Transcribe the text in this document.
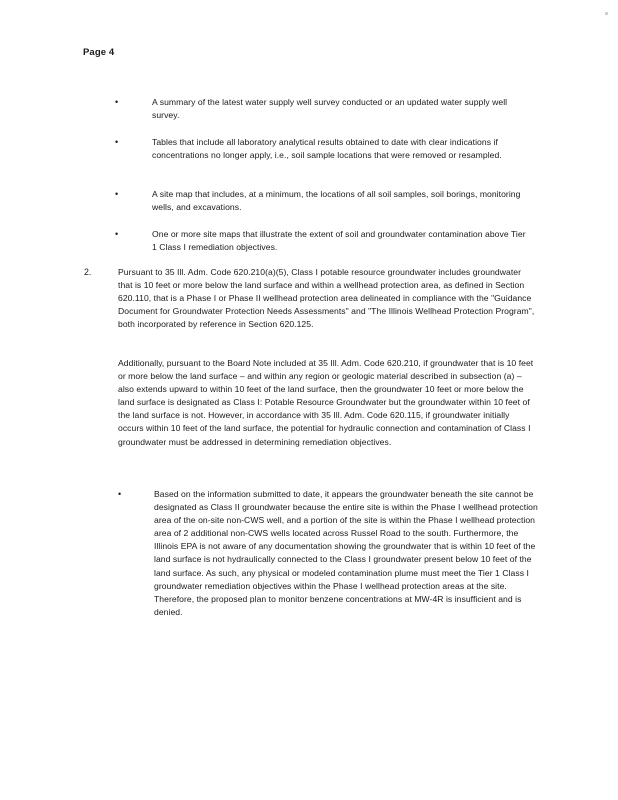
Page 4
•	A summary of the latest water supply well survey conducted or an updated water supply well survey.
•	Tables that include all laboratory analytical results obtained to date with clear indications if concentrations no longer apply, i.e., soil sample locations that were removed or resampled.
•	A site map that includes, at a minimum, the locations of all soil samples, soil borings, monitoring wells, and excavations.
•	One or more site maps that illustrate the extent of soil and groundwater contamination above Tier 1 Class I remediation objectives.
2.	Pursuant to 35 Ill. Adm. Code 620.210(a)(5), Class I potable resource groundwater includes groundwater that is 10 feet or more below the land surface and within a wellhead protection area, as defined in Section 620.110, that is a Phase I or Phase II wellhead protection area delineated in compliance with the "Guidance Document for Groundwater Protection Needs Assessments" and "The Illinois Wellhead Protection Program", both incorporated by reference in Section 620.125.
Additionally, pursuant to the Board Note included at 35 Ill. Adm. Code 620.210, if groundwater that is 10 feet or more below the land surface – and within any region or geologic material described in subsection (a) – also extends upward to within 10 feet of the land surface, then the groundwater 10 feet or more below the land surface is designated as Class I: Potable Resource Groundwater but the groundwater within 10 feet of the land surface is not. However, in accordance with 35 Ill. Adm. Code 620.115, if groundwater initially occurs within 10 feet of the land surface, the potential for hydraulic connection and contamination of Class I groundwater must be addressed in determining remediation objectives.
•	Based on the information submitted to date, it appears the groundwater beneath the site cannot be designated as Class II groundwater because the entire site is within the Phase I wellhead protection area of the on-site non-CWS well, and a portion of the site is within the Phase I wellhead protection area of 2 additional non-CWS wells located across Russel Road to the south. Furthermore, the Illinois EPA is not aware of any documentation showing the groundwater that is within 10 feet of the land surface is not hydraulically connected to the Class I groundwater present below 10 feet of the land surface. As such, any physical or modeled contamination plume must meet the Tier 1 Class I groundwater remediation objectives within the Phase I wellhead protection areas at the site. Therefore, the proposed plan to monitor benzene concentrations at MW-4R is insufficient and is denied.
